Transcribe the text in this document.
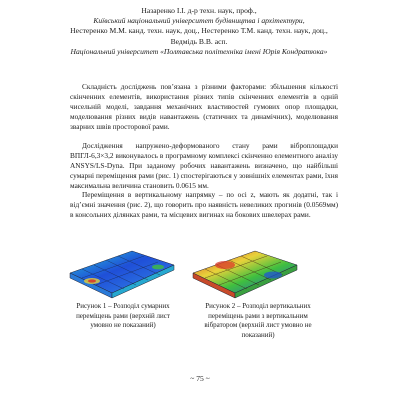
Назаренко І.І. д-р техн. наук, проф.,
Київський національний університет будівництва і архітектури,
Нестеренко М.М. канд. техн. наук, доц., Нестеренко Т.М. канд. техн. наук, доц.,
Ведмідь В.В. асп.
Національний університет «Полтавська політехніка імені Юрія Кондратюка»

Складність досліджень пов’язана з різними факторами: збільшення кількості скінченних елементів, використання різних типів скінченних елементів в одній чисельній моделі, завдання механічних властивостей гумових опор площадки, моделювання різних видів навантажень (статичних та динамічних), моделювання зварних швів просторової рами.

Дослідження напружено-деформованого стану рами віброплощадки ВПГЛ-6,3×3,2 виконувалось в програмному комплексі скінченно елементного аналізу ANSYS/LS-Dyna. При заданому робочих навантажень визначено, що найбільші сумарні переміщення рами (рис. 1) спостерігаються у зовнішніх елементах рами, їхня максимальна величина становить 0.0615 мм.

Переміщення в вертикальному напрямку – по осі z, мають як додатні, так і від’ємні значення (рис. 2), що говорить про наявність невеликих прогинів (0.0569мм) в консольних ділянках рами, та місцевих вигинах на бокових швелерах рами.

Рисунок 1 – Розподіл сумарних
переміщень рами (верхній лист
умовно не показаний)
Рисунок 2 – Розподіл вертикальних
переміщень рами з вертикальним
вібратором (верхній лист умовно не
показаний)
~ 75 ~
